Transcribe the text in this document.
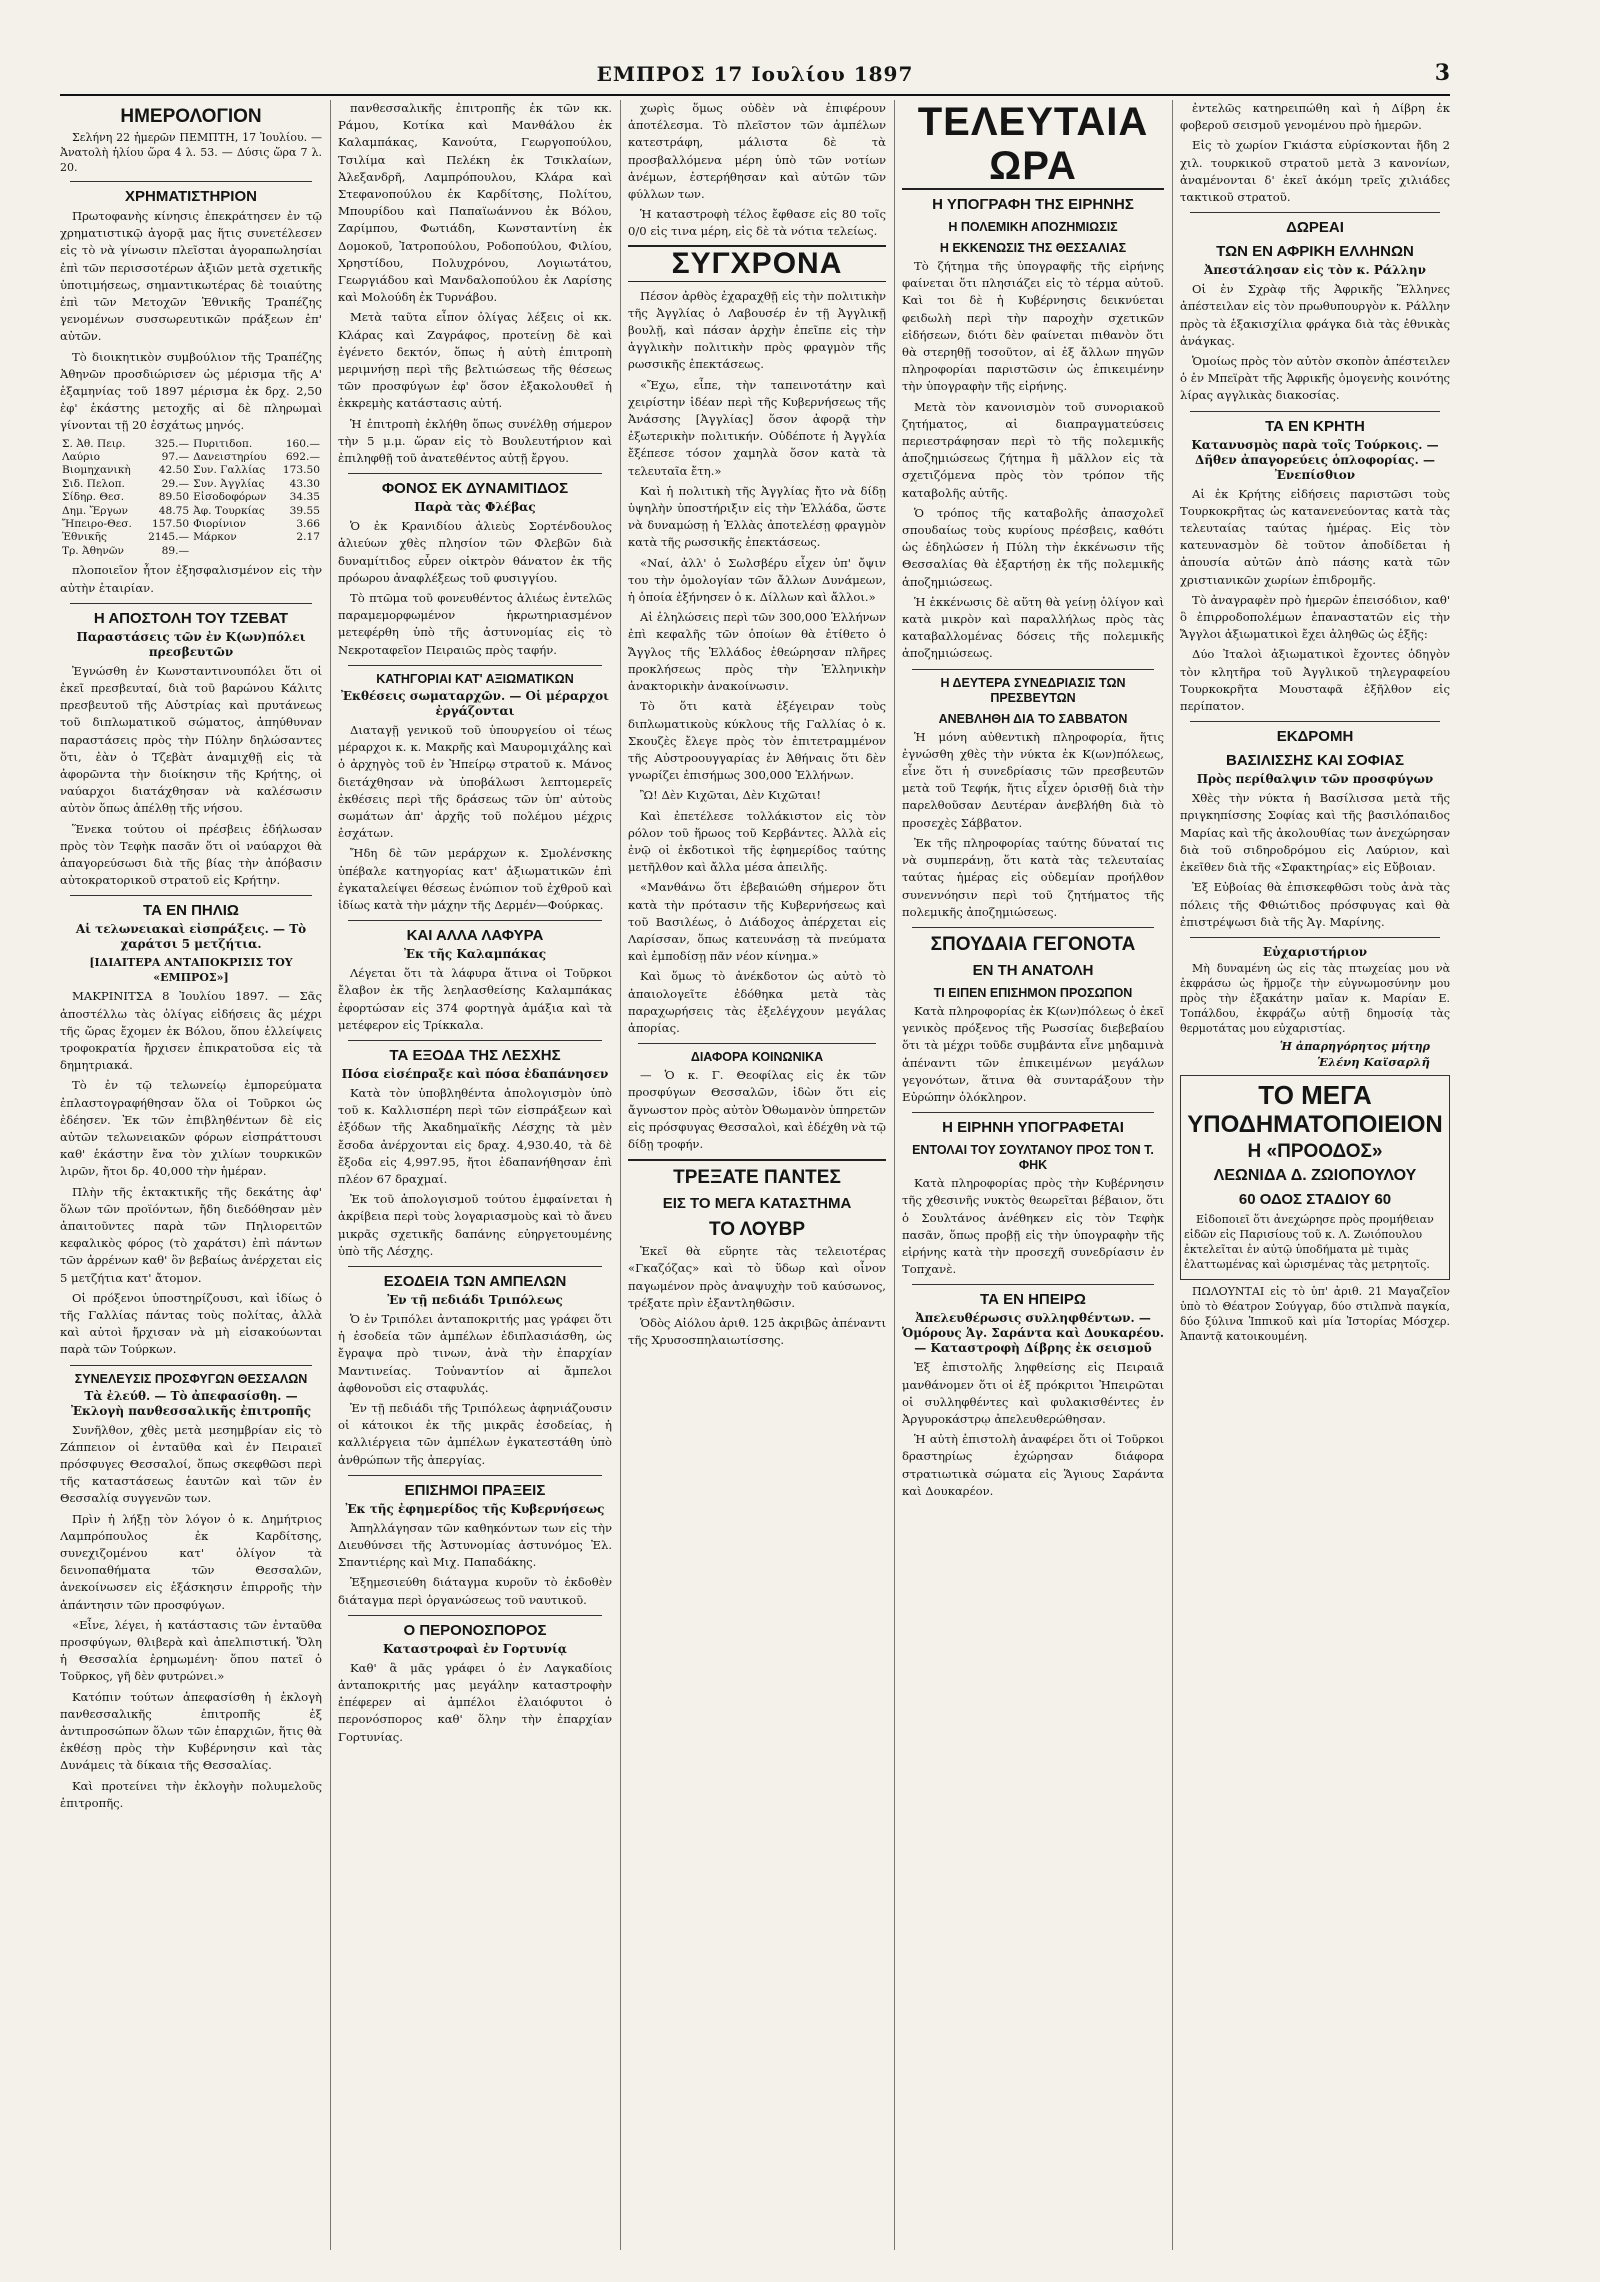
ΕΜΠΡΟΣ 17 Ιουλίου 1897	3
ΗΜΕΡΟΛΟΓΙΟΝ

Σελήνη 22 ἡμερῶν ΠΕΜΠΤΗ, 17 Ἰουλίου. — Ἀνατολὴ ἡλίου ὥρα 4 λ. 53. — Δύσις ὥρα 7 λ. 20.

ΧΡΗΜΑΤΙΣΤΗΡΙΟΝ

Πρωτοφανὴς κίνησις ἐπεκράτησεν ἐν τῷ χρηματιστικῷ ἀγορᾷ μας ἥτις συνετέλεσεν εἰς τὸ νὰ γίνωσιν πλεῖσται ἀγοραπωλησίαι ἐπὶ τῶν περισσοτέρων ἀξιῶν μετὰ σχετικῆς ὑποτιμήσεως, σημαντικωτέρας δὲ τοιαύτης ἐπὶ τῶν Μετοχῶν Ἐθνικῆς Τραπέζης γενομένων συσσωρευτικῶν πράξεων ἐπ' αὐτῶν.

Τὸ διοικητικὸν συμβούλιον τῆς Τραπέζης Ἀθηνῶν προσδιώρισεν ὡς μέρισμα τῆς Α' ἑξαμηνίας τοῦ 1897 μέρισμα ἐκ δρχ. 2,50 ἐφ' ἑκάστης μετοχῆς αἱ δὲ πληρωμαὶ γίνονται τῇ 20 ἐσχάτως μηνός.

Σ. Ἀθ. Πειρ.	325.—	Πυριτιδοπ.	160.—
Λαύριο	97.—	Δανειστηρίου	692.—
Βιομηχανικὴ	42.50	Συν. Γαλλίας	173.50
Σιδ. Πελοπ.	29.—	Συν. Ἀγγλίας	43.30
Σίδηρ. Θεσ.	89.50	Εἰσοδοφόρων	34.35
Δημ. Ἔργων	48.75	Ἀφ. Τουρκίας	39.55
Ἤπειρο-Θεσ.	157.50	Φιορίνιον	3.66
Ἐθνικῆς	2145.—	Μάρκον	2.17
Τρ. Ἀθηνῶν	89.—		

πλοποιεῖον ἦτον ἐξησφαλισμένον εἰς τὴν αὐτὴν ἑταιρίαν.

Η ΑΠΟΣΤΟΛΗ ΤΟΥ ΤΖΕΒΑΤ
Παραστάσεις τῶν ἐν Κ(ων)πόλει πρεσβευτῶν

Ἐγνώσθη ἐν Κωνσταντινουπόλει ὅτι οἱ ἐκεῖ πρεσβευταί, διὰ τοῦ βαρώνου Κάλιτς πρεσβευτοῦ τῆς Αὐστρίας καὶ πρυτάνεως τοῦ διπλωματικοῦ σώματος, ἀπηύθυναν παραστάσεις πρὸς τὴν Πύλην δηλώσαντες ὅτι, ἐὰν ὁ Τζεβὰτ ἀναμιχθῇ εἰς τὰ ἀφορῶντα τὴν διοίκησιν τῆς Κρήτης, οἱ ναύαρχοι διατάχθησαν νὰ καλέσωσιν αὐτὸν ὅπως ἀπέλθῃ τῆς νήσου.

Ἕνεκα τούτου οἱ πρέσβεις ἐδήλωσαν πρὸς τὸν Τεφὴκ πασᾶν ὅτι οἱ ναύαρχοι θὰ ἀπαγορεύσωσι διὰ τῆς βίας τὴν ἀπόβασιν αὐτοκρατορικοῦ στρατοῦ εἰς Κρήτην.

ΤΑ ΕΝ ΠΗΛΙΩ
Αἱ τελωνειακαὶ εἰσπράξεις. — Τὸ χαράτσι 5 μετζήτια.
[ΙΔΙΑΙΤΕΡΑ ΑΝΤΑΠΟΚΡΙΣΙΣ ΤΟΥ «ΕΜΠΡΟΣ»]

ΜΑΚΡΙΝΙΤΣΑ 8 Ἰουλίου 1897. — Σᾶς ἀποστέλλω τὰς ὀλίγας εἰδήσεις ἃς μέχρι τῆς ὥρας ἔχομεν ἐκ Βόλου, ὅπου ἐλλείψεις τροφοκρατία ἤρχισεν ἐπικρατοῦσα εἰς τὰ δημητριακά.

Τὸ ἐν τῷ τελωνείῳ ἐμπορεύματα ἐπλαστογραφήθησαν ὅλα οἱ Τοῦρκοι ὡς ἐδέησεν. Ἐκ τῶν ἐπιβληθέντων δὲ εἰς αὐτῶν τελωνειακῶν φόρων εἰσπράττουσι καθ' ἑκάστην ἔνα τὸν χιλίων τουρκικῶν λιρῶν, ἤτοι δρ. 40,000 τὴν ἡμέραν.

Πλὴν τῆς ἐκτακτικῆς τῆς δεκάτης ἀφ' ὅλων τῶν προϊόντων, ἤδη διεδόθησαν μὲν ἀπαιτοῦντες παρὰ τῶν Πηλιορειτῶν κεφαλικὸς φόρος (τὸ χαράτσι) ἐπὶ πάντων τῶν ἀρρένων καθ' ὃν βεβαίως ἀνέρχεται εἰς 5 μετζήτια κατ' ἄτομον.

Οἱ πρόξενοι ὑποστηρίζουσι, καὶ ἰδίως ὁ τῆς Γαλλίας πάντας τοὺς πολίτας, ἀλλὰ καὶ αὐτοὶ ἤρχισαν νὰ μὴ εἰσακούωνται παρὰ τῶν Τούρκων.

ΣΥΝΕΛΕΥΣΙΣ ΠΡΟΣΦΥΓΩΝ ΘΕΣΣΑΛΩΝ
Τὰ ἐλεύθ. — Τὸ ἀπεφασίσθη. — Ἐκλογὴ πανθεσσαλικῆς ἐπιτροπῆς

Συνῆλθον, χθὲς μετὰ μεσημβρίαν εἰς τὸ Ζάππειον οἱ ἐνταῦθα καὶ ἐν Πειραιεῖ πρόσφυγες Θεσσαλοί, ὅπως σκεφθῶσι περὶ τῆς καταστάσεως ἑαυτῶν καὶ τῶν ἐν Θεσσαλίᾳ συγγενῶν των.

Πρὶν ἡ λήξῃ τὸν λόγον ὁ κ. Δημήτριος Λαμπρόπουλος ἐκ Καρδίτσης, συνεχιζομένου κατ' ὀλίγον τὰ δεινοπαθήματα τῶν Θεσσαλῶν, ἀνεκοίνωσεν εἰς ἐξάσκησιν ἐπιρροῆς τὴν ἀπάντησιν τῶν προσφύγων.

«Εἶνε, λέγει, ἡ κατάστασις τῶν ἐνταῦθα προσφύγων, θλιβερὰ καὶ ἀπελπιστική. Ὅλη ἡ Θεσσαλία ἐρημωμένη· ὅπου πατεῖ ὁ Τοῦρκος, γῆ δὲν φυτρώνει.»

Κατόπιν τούτων ἀπεφασίσθη ἡ ἐκλογὴ πανθεσσαλικῆς ἐπιτροπῆς ἐξ ἀντιπροσώπων ὅλων τῶν ἐπαρχιῶν, ἥτις θὰ ἐκθέσῃ πρὸς τὴν Κυβέρνησιν καὶ τὰς Δυνάμεις τὰ δίκαια τῆς Θεσσαλίας.

Καὶ προτείνει τὴν ἐκλογὴν πολυμελοῦς ἐπιτροπῆς.

πανθεσσαλικῆς ἐπιτροπῆς ἐκ τῶν κκ. Ράμου, Κοτίκα καὶ Μανθάλου ἐκ Καλαμπάκας, Κανούτα, Γεωργοπούλου, Τσιλίμα καὶ Πελέκη ἐκ Τσικλαίων, Ἀλεξανδρῆ, Λαμπρόπουλου, Κλάρα καὶ Στεφανοπούλου ἐκ Καρδίτσης, Πολίτου, Μπουρίδου καὶ Παπαϊωάννου ἐκ Βόλου, Ζαρίμπου, Φωτιάδη, Κωνσταντίνη ἐκ Δομοκοῦ, Ἰατροπούλου, Ροδοπούλου, Φιλίου, Χρηστίδου, Πολυχρόνου, Λογιωτάτου, Γεωργιάδου καὶ Μανδαλοπούλου ἐκ Λαρίσης καὶ Μολούδη ἐκ Τυρνάβου.

Μετὰ ταῦτα εἶπον ὀλίγας λέξεις οἱ κκ. Κλάρας καὶ Ζαγράφος, προτείνῃ δὲ καὶ ἐγένετο δεκτόν, ὅπως ἡ αὐτὴ ἐπιτροπὴ μεριμνήσῃ περὶ τῆς βελτιώσεως τῆς θέσεως τῶν προσφύγων ἐφ' ὅσον ἐξακολουθεῖ ἡ ἐκκρεμὴς κατάστασις αὐτή.

Ἡ ἐπιτροπὴ ἐκλήθη ὅπως συνέλθῃ σήμερον τὴν 5 μ.μ. ὥραν εἰς τὸ Βουλευτήριον καὶ ἐπιληφθῇ τοῦ ἀνατεθέντος αὐτῇ ἔργου.

ΦΟΝΟΣ ΕΚ ΔΥΝΑΜΙΤΙΔΟΣ
Παρὰ τὰς Φλέβας

Ὁ ἐκ Κρανιδίου ἁλιεὺς Σορτένδουλος ἁλιεύων χθὲς πλησίον τῶν Φλεβῶν διὰ δυναμίτιδος εὗρεν οἰκτρὸν θάνατον ἐκ τῆς πρόωρου ἀναφλέξεως τοῦ φυσιγγίου.

Τὸ πτῶμα τοῦ φονευθέντος ἁλιέως ἐντελῶς παραμεμορφωμένον ἡκρωτηριασμένον μετεφέρθη ὑπὸ τῆς ἀστυνομίας εἰς τὸ Νεκροταφεῖον Πειραιῶς πρὸς ταφήν.

ΚΑΤΗΓΟΡΙΑΙ ΚΑΤ' ΑΞΙΩΜΑΤΙΚΩΝ
Ἐκθέσεις σωματαρχῶν. — Οἱ μέραρχοι ἐργάζονται

Διαταγῇ γενικοῦ τοῦ ὑπουργείου οἱ τέως μέραρχοι κ. κ. Μακρῆς καὶ Μαυρομιχάλης καὶ ὁ ἀρχηγὸς τοῦ ἐν Ἠπείρῳ στρατοῦ κ. Μάνος διετάχθησαν νὰ ὑποβάλωσι λεπτομερεῖς ἐκθέσεις περὶ τῆς δράσεως τῶν ὑπ' αὐτοὺς σωμάτων ἀπ' ἀρχῆς τοῦ πολέμου μέχρις ἐσχάτων.

Ἤδη δὲ τῶν μεράρχων κ. Σμολένσκης ὑπέβαλε κατηγορίας κατ' ἀξιωματικῶν ἐπὶ ἐγκαταλείψει θέσεως ἐνώπιον τοῦ ἐχθροῦ καὶ ἰδίως κατὰ τὴν μάχην τῆς Δερμέν—Φούρκας.

ΚΑΙ ΑΛΛΑ ΛΑΦΥΡΑ
Ἐκ τῆς Καλαμπάκας

Λέγεται ὅτι τὰ λάφυρα ἅτινα οἱ Τοῦρκοι ἔλαβον ἐκ τῆς λεηλασθείσης Καλαμπάκας ἐφορτώσαν εἰς 374 φορτηγὰ ἁμάξια καὶ τὰ μετέφερον εἰς Τρίκκαλα.

ΤΑ ΕΞΟΔΑ ΤΗΣ ΛΕΣΧΗΣ
Πόσα εἰσέπραξε καὶ πόσα ἐδαπάνησεν

Κατὰ τὸν ὑποβληθέντα ἀπολογισμὸν ὑπὸ τοῦ κ. Καλλισπέρη περὶ τῶν εἰσπράξεων καὶ ἐξόδων τῆς Ἀκαδημαϊκῆς Λέσχης τὰ μὲν ἔσοδα ἀνέρχονται εἰς δραχ. 4,930.40, τὰ δὲ ἔξοδα εἰς 4,997.95, ἤτοι ἐδαπανήθησαν ἐπὶ πλέον 67 δραχμαί.

Ἐκ τοῦ ἀπολογισμοῦ τούτου ἐμφαίνεται ἡ ἀκρίβεια περὶ τοὺς λογαριασμοὺς καὶ τὸ ἄνευ μικρᾶς σχετικῆς δαπάνης εὐηργετουμένης ὑπὸ τῆς Λέσχης.

ΕΣΟΔΕΙΑ ΤΩΝ ΑΜΠΕΛΩΝ
Ἐν τῇ πεδιάδι Τριπόλεως

Ὁ ἐν Τριπόλει ἀνταποκριτής μας γράφει ὅτι ἡ ἐσοδεία τῶν ἀμπέλων ἐδιπλασιάσθη, ὡς ἔγραψα πρὸ τινων, ἀνὰ τὴν ἐπαρχίαν Μαντινείας. Τοὐναντίον αἱ ἄμπελοι ἀφθονοῦσι εἰς σταφυλάς.

Ἐν τῇ πεδιάδι τῆς Τριπόλεως ἀφηνιάζουσιν οἱ κάτοικοι ἐκ τῆς μικρᾶς ἐσοδείας, ἡ καλλιέργεια τῶν ἀμπέλων ἐγκατεστάθη ὑπὸ ἀνθρώπων τῆς ἀπεργίας.

ΕΠΙΣΗΜΟΙ ΠΡΑΞΕΙΣ
Ἐκ τῆς ἐφημερίδος τῆς Κυβερνήσεως

Ἀπηλλάγησαν τῶν καθηκόντων των εἰς τὴν Διευθύνσει τῆς Ἀστυνομίας ἀστυνόμος Ἐλ. Σπαντιέρης καὶ Μιχ. Παπαδάκης.

Ἐξημεσιεύθη διάταγμα κυροῦν τὸ ἐκδοθὲν διάταγμα περὶ ὀργανώσεως τοῦ ναυτικοῦ.

Ο ΠΕΡΟΝΟΣΠΟΡΟΣ
Καταστροφαὶ ἐν Γορτυνίᾳ

Καθ' ἃ μᾶς γράφει ὁ ἐν Λαγκαδίοις ἀνταποκριτής μας μεγάλην καταστροφὴν ἐπέφερεν αἱ ἀμπέλοι ἐλαιόφυτοι ὁ περονόσπορος καθ' ὅλην τὴν ἐπαρχίαν Γορτυνίας.

χωρὶς ὅμως οὐδὲν νὰ ἐπιφέρουν ἀποτέλεσμα. Τὸ πλεῖστον τῶν ἀμπέλων κατεστράφη, μάλιστα δὲ τὰ προσβαλλόμενα μέρη ὑπὸ τῶν νοτίων ἀνέμων, ἐστερήθησαν καὶ αὐτῶν τῶν φύλλων των.

Ἡ καταστροφὴ τέλος ἔφθασε εἰς 80 τοῖς 0/0 εἰς τινα μέρη, εἰς δὲ τὰ νότια τελείως.

ΣΥΓΧΡΟΝΑ

Πέσον ἀρθὸς ἐχαραχθῇ εἰς τὴν πολιτικὴν τῆς Ἀγγλίας ὁ Λαβουσέρ ἐν τῇ Ἀγγλικῇ βουλῇ, καὶ πάσαν ἀρχὴν ἐπεῖπε εἰς τὴν ἀγγλικὴν πολιτικὴν πρὸς φραγμὸν τῆς ρωσσικῆς ἐπεκτάσεως.

«Ἔχω, εἶπε, τὴν ταπεινοτάτην καὶ χειρίστην ἰδέαν περὶ τῆς Κυβερνήσεως τῆς Ἀνάσσης [Ἀγγλίας] ὅσον ἀφορᾷ τὴν ἐξωτερικὴν πολιτικήν. Οὐδέποτε ἡ Ἀγγλία ἔξέπεσε τόσον χαμηλὰ ὅσον κατὰ τὰ τελευταῖα ἔτη.»

Καὶ ἡ πολιτικὴ τῆς Ἀγγλίας ἤτο νὰ δίδῃ ὑψηλὴν ὑποστήριξιν εἰς τὴν Ἑλλάδα, ὥστε νὰ δυναμώσῃ ἡ Ἑλλὰς ἀποτελέσῃ φραγμὸν κατὰ τῆς ρωσσικῆς ἐπεκτάσεως.

«Ναί, ἀλλ' ὁ Σωλσβέρυ εἶχεν ὑπ' ὄψιν του τὴν ὁμολογίαν τῶν ἄλλων Δυνάμεων, ἡ ὁποία ἐξήνησεν ὁ κ. Δίλλων καὶ ἄλλοι.»

Αἱ ἐληλώσεις περὶ τῶν 300,000 Ἑλλήνων ἐπὶ κεφαλῆς τῶν ὁποίων θὰ ἐτίθετο ὁ Ἄγγλος τῆς Ἑλλάδος ἐθεώρησαν πλῆρες προκλήσεως πρὸς τὴν Ἑλληνικὴν ἀνακτορικὴν ἀνακοίνωσιν.

Τὸ ὅτι κατὰ ἐξέγειραν τοὺς διπλωματικοὺς κύκλους τῆς Γαλλίας ὁ κ. Σκουζὲς ἔλεγε πρὸς τὸν ἐπιτετραμμένον τῆς Αὐστροουγγαρίας ἐν Ἀθήναις ὅτι δὲν γνωρίζει ἐπισήμως 300,000 Ἑλλήνων.

Ὢ! Δὲν Κιχῶται, Δὲν Κιχῶται!

Καὶ ἐπετέλεσε τολλάκιστον εἰς τὸν ρόλον τοῦ ἥρωος τοῦ Κερβάντες. Ἀλλὰ εἰς ἐνῷ οἱ ἐκδοτικοὶ τῆς ἐφημερίδος ταύτης μετῆλθον καὶ ἄλλα μέσα ἀπειλῆς.

«Μανθάνω ὅτι ἐβεβαιώθη σήμερον ὅτι κατὰ τὴν πρότασιν τῆς Κυβερνήσεως καὶ τοῦ Βασιλέως, ὁ Διάδοχος ἀπέρχεται εἰς Λαρίσσαν, ὅπως κατευνάσῃ τὰ πνεύματα καὶ ἐμποδίσῃ πᾶν νέον κίνημα.»

Καὶ ὅμως τὸ ἀνέκδοτον ὡς αὐτὸ τὸ ἀπαιολογεῖτε ἐδόθηκα μετὰ τὰς παραχωρήσεις τὰς ἐξελέγχουν μεγάλας ἀπορίας.

ΔΙΑΦΟΡΑ ΚΟΙΝΩΝΙΚΑ

— Ὁ κ. Γ. Θεοφίλας εἰς ἐκ τῶν προσφύγων Θεσσαλῶν, ἰδὼν ὅτι εἰς ἄγνωστον πρὸς αὐτὸν Ὀθωμανὸν ὑπηρετῶν εἰς πρόσφυγας Θεσσαλοὶ, καὶ ἐδέχθη νὰ τῷ δίδῃ τροφήν.

ΤΡΕΞΑΤΕ ΠΑΝΤΕΣ
ΕΙΣ ΤΟ ΜΕΓΑ ΚΑΤΑΣΤΗΜΑ
ΤΟ ΛΟΥΒΡ

Ἐκεῖ θὰ εὕρητε τὰς τελειοτέρας «Γκαζόζας» καὶ τὸ ὕδωρ καὶ οἶνον παγωμένον πρὸς ἀναψυχὴν τοῦ καύσωνος, τρέξατε πρὶν ἐξαντληθῶσιν.

Ὁδὸς Αἰόλου ἀριθ. 125 ἀκριβῶς ἀπέναντι τῆς Χρυσοσπηλαιωτίσσης.

ΤΕΛΕΥΤΑΙΑ ΩΡΑ
Η ΥΠΟΓΡΑΦΗ ΤΗΣ ΕΙΡΗΝΗΣ
Η ΠΟΛΕΜΙΚΗ ΑΠΟΖΗΜΙΩΣΙΣ
Η ΕΚΚΕΝΩΣΙΣ ΤΗΣ ΘΕΣΣΑΛΙΑΣ

Τὸ ζήτημα τῆς ὑπογραφῆς τῆς εἰρήνης φαίνεται ὅτι πλησιάζει εἰς τὸ τέρμα αὐτοῦ. Καὶ τοι δὲ ἡ Κυβέρνησις δεικνύεται φειδωλὴ περὶ τὴν παροχὴν σχετικῶν εἰδήσεων, διότι δὲν φαίνεται πιθανὸν ὅτι θὰ στερηθῇ τοσοῦτον, αἱ ἐξ ἄλλων πηγῶν πληροφορίαι παριστῶσιν ὡς ἐπικειμένην τὴν ὑπογραφὴν τῆς εἰρήνης.

Μετὰ τὸν κανονισμὸν τοῦ συνοριακοῦ ζητήματος, αἱ διαπραγματεύσεις περιεστράφησαν περὶ τὸ τῆς πολεμικῆς ἀποζημιώσεως ζήτημα ἢ μᾶλλον εἰς τὰ σχετιζόμενα πρὸς τὸν τρόπον τῆς καταβολῆς αὐτῆς.

Ὁ τρόπος τῆς καταβολῆς ἀπασχολεῖ σπουδαίως τοὺς κυρίους πρέσβεις, καθότι ὡς ἐδηλώσεν ἡ Πύλη τὴν ἐκκένωσιν τῆς Θεσσαλίας θὰ ἐξαρτήσῃ ἐκ τῆς πολεμικῆς ἀποζημιώσεως.

Ἡ ἐκκένωσις δὲ αὕτη θὰ γείνῃ ὀλίγον καὶ κατὰ μικρὸν καὶ παραλλήλως πρὸς τὰς καταβαλλομένας δόσεις τῆς πολεμικῆς ἀποζημιώσεως.

Η ΔΕΥΤΕΡΑ ΣΥΝΕΔΡΙΑΣΙΣ ΤΩΝ ΠΡΕΣΒΕΥΤΩΝ
ΑΝΕΒΛΗΘΗ ΔΙΑ ΤΟ ΣΑΒΒΑΤΟΝ

Ἡ μόνη αὐθεντικὴ πληροφορία, ἥτις ἐγνώσθη χθὲς τὴν νύκτα ἐκ Κ(ων)πόλεως, εἶνε ὅτι ἡ συνεδρίασις τῶν πρεσβευτῶν μετὰ τοῦ Τεφήκ, ἥτις εἶχεν ὁρισθῇ διὰ τὴν παρελθοῦσαν Δευτέραν ἀνεβλήθη διὰ τὸ προσεχὲς Σάββατον.

Ἐκ τῆς πληροφορίας ταύτης δύναταί τις νὰ συμπεράνῃ, ὅτι κατὰ τὰς τελευταίας ταύτας ἡμέρας εἰς οὐδεμίαν προήλθον συνεννόησιν περὶ τοῦ ζητήματος τῆς πολεμικῆς ἀποζημιώσεως.

ΣΠΟΥΔΑΙΑ ΓΕΓΟΝΟΤΑ
ΕΝ ΤΗ ΑΝΑΤΟΛΗ
ΤΙ ΕΙΠΕΝ ΕΠΙΣΗΜΟΝ ΠΡΟΣΩΠΟΝ

Κατὰ πληροφορίας ἐκ Κ(ων)πόλεως ὁ ἐκεῖ γενικὸς πρόξενος τῆς Ρωσσίας διεβεβαίου ὅτι τὰ μέχρι τοῦδε συμβάντα εἶνε μηδαμινὰ ἀπέναντι τῶν ἐπικειμένων μεγάλων γεγονότων, ἅτινα θὰ συνταράξουν τὴν Εὐρώπην ὁλόκληρον.

Η ΕΙΡΗΝΗ ΥΠΟΓΡΑΦΕΤΑΙ
ΕΝΤΟΛΑΙ ΤΟΥ ΣΟΥΛΤΑΝΟΥ ΠΡΟΣ ΤΟΝ Τ. ΦΗΚ

Κατὰ πληροφορίας πρὸς τὴν Κυβέρνησιν τῆς χθεσινῆς νυκτὸς θεωρεῖται βέβαιον, ὅτι ὁ Σουλτάνος ἀνέθηκεν εἰς τὸν Τεφὴκ πασᾶν, ὅπως προβῇ εἰς τὴν ὑπογραφὴν τῆς εἰρήνης κατὰ τὴν προσεχῆ συνεδρίασιν ἐν Τοπχανὲ.

ΤΑ ΕΝ ΗΠΕΙΡΩ
Ἀπελευθέρωσις συλληφθέντων. — Ὁμόρους Ἁγ. Σαράντα καὶ Δουκαρέου. — Καταστροφὴ Δίβρης ἐκ σεισμοῦ

Ἐξ ἐπιστολῆς ληφθείσης εἰς Πειραιᾶ μανθάνομεν ὅτι οἱ ἐξ πρόκριτοι Ἠπειρῶται οἱ συλληφθέντες καὶ φυλακισθέντες ἐν Ἀργυροκάστρῳ ἀπελευθερώθησαν.

Ἡ αὐτὴ ἐπιστολὴ ἀναφέρει ὅτι οἱ Τοῦρκοι δραστηρίως ἐχώρησαν διάφορα στρατιωτικὰ σώματα εἰς Ἅγιους Σαράντα καὶ Δουκαρέον.

ἐντελῶς κατηρειπώθη καὶ ἡ Δίβρη ἐκ φοβεροῦ σεισμοῦ γενομένου πρὸ ἡμερῶν.

Εἰς τὸ χωρίον Γκιάστα εὑρίσκονται ἤδη 2 χιλ. τουρκικοῦ στρατοῦ μετὰ 3 κανονίων, ἀναμένονται δ' ἐκεῖ ἀκόμη τρεῖς χιλιάδες τακτικοῦ στρατοῦ.

ΔΩΡΕΑΙ
ΤΩΝ ΕΝ ΑΦΡΙΚΗ ΕΛΛΗΝΩΝ
Ἀπεστάλησαν εἰς τὸν κ. Ράλλην

Οἱ ἐν Σχρὰφ τῆς Ἀφρικῆς Ἕλληνες ἀπέστειλαν εἰς τὸν πρωθυπουργὸν κ. Ράλλην πρὸς τὰ ἑξακισχίλια φράγκα διὰ τὰς ἐθνικὰς ἀνάγκας.

Ὁμοίως πρὸς τὸν αὐτὸν σκοπὸν ἀπέστειλεν ὁ ἐν Μπεϊρὰτ τῆς Ἀφρικῆς ὁμογενὴς κοινότης λίρας αγγλικὰς διακοσίας.

ΤΑ ΕΝ ΚΡΗΤΗ
Κατανυσμὸς παρὰ τοῖς Τούρκοις. — Δῆθεν ἀπαγορεύεις ὁπλοφορίας. — Ἐνεπίσθιον

Αἱ ἐκ Κρήτης εἰδήσεις παριστῶσι τοὺς Τουρκοκρῆτας ὡς κατανενεύοντας κατὰ τὰς τελευταίας ταύτας ἡμέρας. Εἰς τὸν κατευνασμὸν δὲ τοῦτον ἀποδίδεται ἡ ἀπουσία αὐτῶν ἀπὸ πάσης κατὰ τῶν χριστιανικῶν χωρίων ἐπιδρομῆς.

Τὸ ἀναγραφὲν πρὸ ἡμερῶν ἐπεισόδιον, καθ' ὃ ἐπιρροδοπολέμων ἐπαναστατῶν εἰς τὴν Ἄγγλοι ἀξιωματικοὶ ἔχει ἀληθῶς ὡς ἑξῆς:

Δύο Ἰταλοὶ ἀξιωματικοὶ ἔχοντες ὁδηγὸν τὸν κλητῆρα τοῦ Ἀγγλικοῦ τηλεγραφείου Τουρκοκρῆτα Μουσταφᾶ ἐξῆλθον εἰς περίπατον.

ΕΚΔΡΟΜΗ
ΒΑΣΙΛΙΣΣΗΣ ΚΑΙ ΣΟΦΙΑΣ
Πρὸς περίθαλψιν τῶν προσφύγων

Χθὲς τὴν νύκτα ἡ Βασίλισσα μετὰ τῆς πριγκηπίσσης Σοφίας καὶ τῆς βασιλόπαιδος Μαρίας καὶ τῆς ἀκολουθίας των ἀνεχώρησαν διὰ τοῦ σιδηροδρόμου εἰς Λαύριον, καὶ ἐκεῖθεν διὰ τῆς «Σφακτηρίας» εἰς Εὔβοιαν.

Ἐξ Εὐβοίας θὰ ἐπισκεφθῶσι τοὺς ἀνὰ τὰς πόλεις τῆς Φθιώτιδος πρόσφυγας καὶ θὰ ἐπιστρέψωσι διὰ τῆς Ἀγ. Μαρίνης.

Εὐχαριστήριον

Μὴ δυναμένη ὡς εἰς τὰς πτωχείας μου νὰ ἐκφράσω ὡς ἥρμοζε τὴν εὐγνωμοσύνην μου πρὸς τὴν ἐξακάτην μαῖαν κ. Μαρίαν Ε. Τοπάλδου, ἐκφράζω αὐτῇ δημοσίᾳ τὰς θερμοτάτας μου εὐχαριστίας.

Ἡ ἀπαρηγόρητος μήτηρ
Ἑλένη Καϊσαρλῆ
ΤΟ ΜΕΓΑ
ΥΠΟΔΗΜΑΤΟΠΟΙΕΙΟΝ
Η «ΠΡΟΟΔΟΣ»
ΛΕΩΝΙΔΑ Δ. ΖΩΙΟΠΟΥΛΟΥ
60 ΟΔΟΣ ΣΤΑΔΙΟΥ 60

Εἰδοποιεῖ ὅτι ἀνεχώρησε πρὸς προμήθειαν εἰδῶν εἰς Παρισίους τοῦ κ. Λ. Ζωιόπουλου ἐκτελεῖται ἐν αὐτῷ ὑποδήματα μὲ τιμὰς ἐλαττωμένας καὶ ὡρισμένας τὰς μετρητοῖς.

ΠΩΛΟΥΝΤΑΙ εἰς τὸ ὑπ' ἀριθ. 21 Μαγαζεῖον ὑπὸ τὸ Θέατρον Σούγγαρ, δύο στιλπνὰ παγκία, δύο ξύλινα Ἱππικοῦ καὶ μία Ἱστορίας Μόσχερ. Ἀπαντᾷ κατοικουμένη.
